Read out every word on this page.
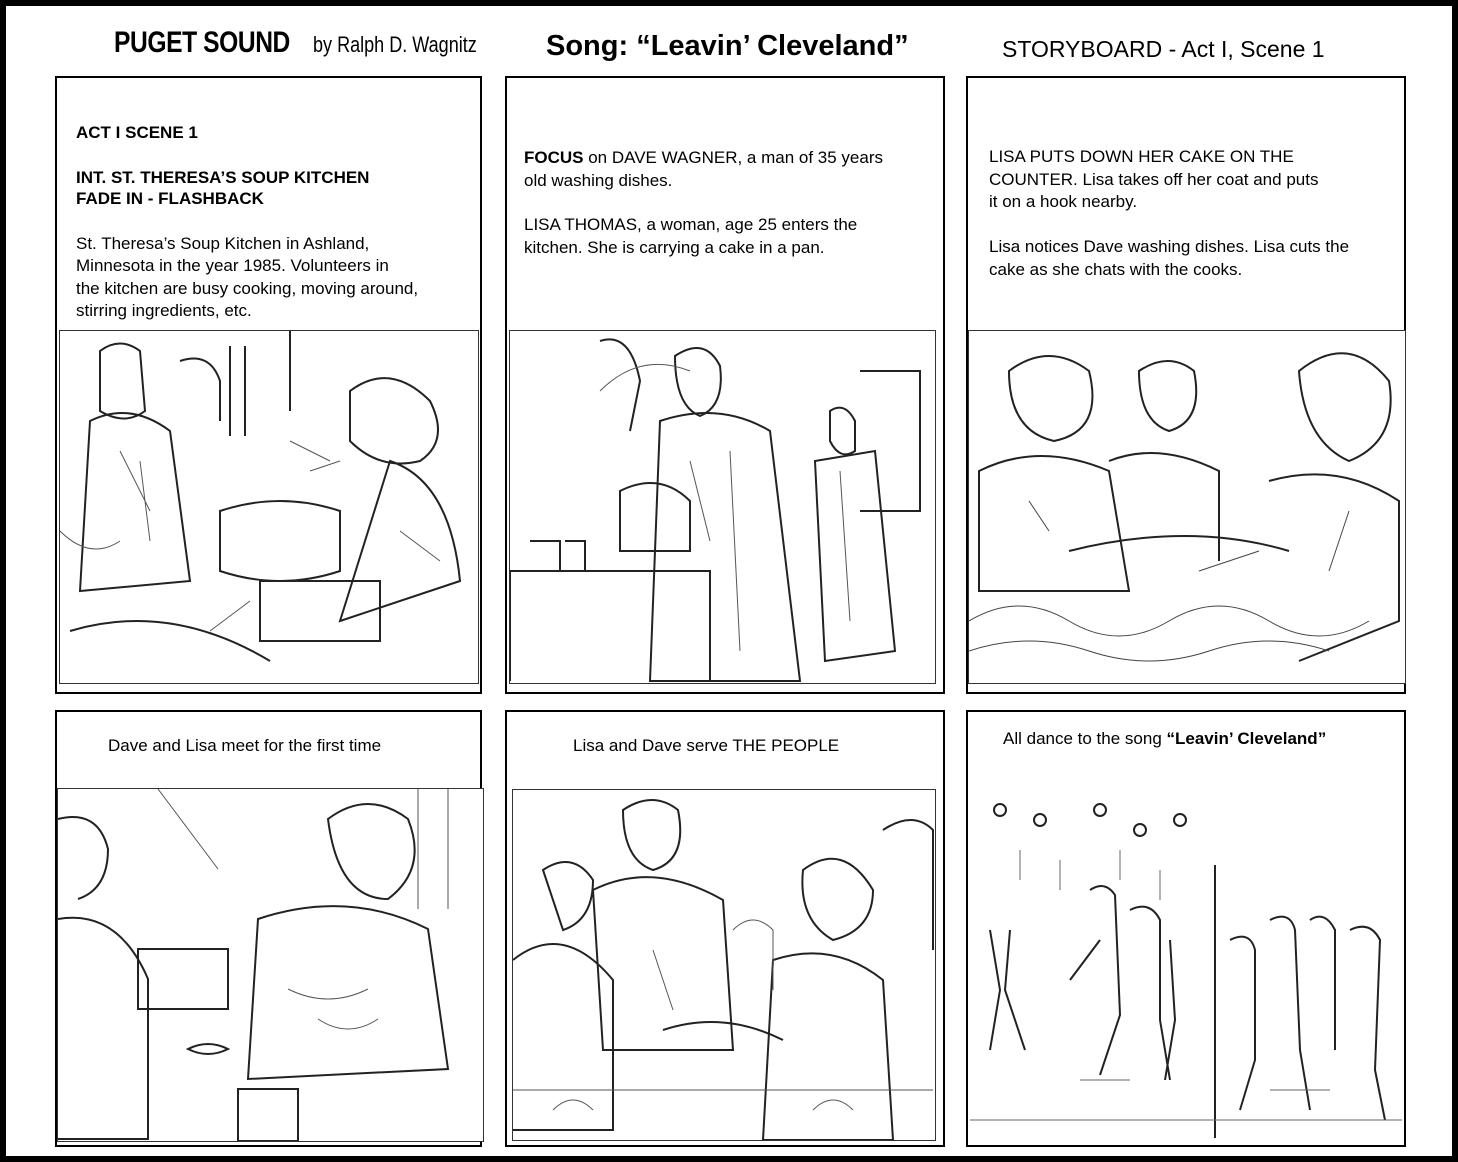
PUGET SOUND by Ralph D. Wagnitz	Song: “Leavin’ Cleveland”	STORYBOARD - Act I, Scene 1

ACT I SCENE 1

INT. ST. THERESA’S SOUP KITCHEN

FADE IN - FLASHBACK

St. Theresa’s Soup Kitchen in Ashland,
Minnesota in the year 1985. Volunteers in
the kitchen are busy cooking, moving around,
stirring ingredients, etc.

FOCUS on DAVE WAGNER, a man of 35 years
old washing dishes.
LISA THOMAS, a woman, age 25 enters the
kitchen. She is carrying a cake in a pan.
LISA PUTS DOWN HER CAKE ON THE
COUNTER. Lisa takes off her coat and puts
it on a hook nearby.
Lisa notices Dave washing dishes. Lisa cuts the
cake as she chats with the cooks.
Dave and Lisa meet for the first time	Lisa and Dave serve THE PEOPLE	All dance to the song “Leavin’ Cleveland”
